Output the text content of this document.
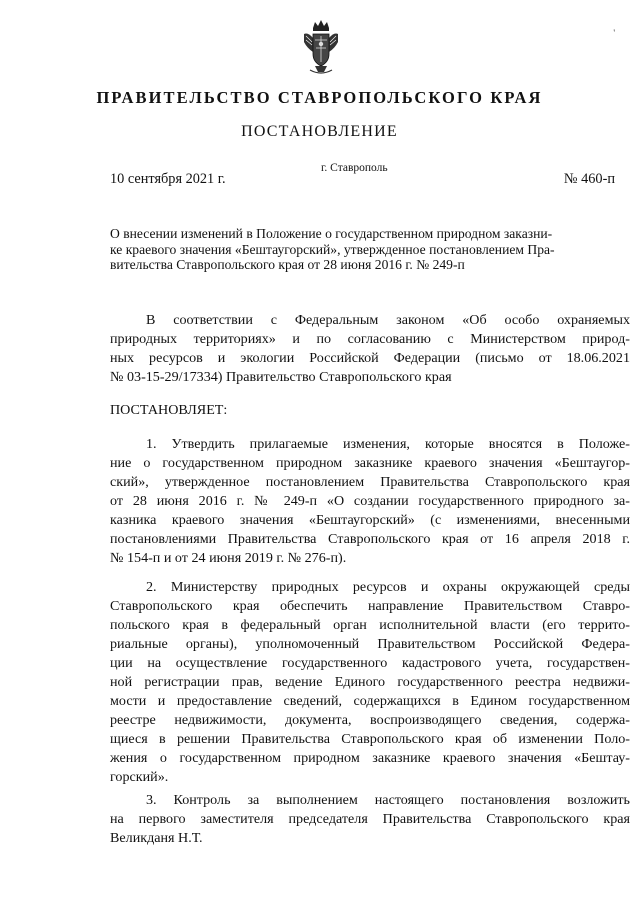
'
ПРАВИТЕЛЬСТВО СТАВРОПОЛЬСКОГО КРАЯ
ПОСТАНОВЛЕНИЕ
10 сентября 2021 г.
г. Ставрополь
№ 460-п
О внесении изменений в Положение о государственном природном заказни-
ке краевого значения «Бештаугорский», утвержденное постановлением Пра-
вительства Ставропольского края от 28 июня 2016 г. № 249-п
В соответствии с Федеральным законом «Об особо охраняемых
природных территориях» и по согласованию с Министерством природ-
ных ресурсов и экологии Российской Федерации (письмо от 18.06.2021
№ 03-15-29/17334) Правительство Ставропольского края
ПОСТАНОВЛЯЕТ:
1. Утвердить прилагаемые изменения, которые вносятся в Положе-
ние о государственном природном заказнике краевого значения «Бештаугор-
ский», утвержденное постановлением Правительства Ставропольского края
от 28 июня 2016 г. № 249-п «О создании государственного природного за-
казника краевого значения «Бештаугорский» (с изменениями, внесенными
постановлениями Правительства Ставропольского края от 16 апреля 2018 г.
№ 154-п и от 24 июня 2019 г. № 276-п).
2. Министерству природных ресурсов и охраны окружающей среды
Ставропольского края обеспечить направление Правительством Ставро-
польского края в федеральный орган исполнительной власти (его террито-
риальные органы), уполномоченный Правительством Российской Федера-
ции на осуществление государственного кадастрового учета, государствен-
ной регистрации прав, ведение Единого государственного реестра недвижи-
мости и предоставление сведений, содержащихся в Едином государственном
реестре недвижимости, документа, воспроизводящего сведения, содержа-
щиеся в решении Правительства Ставропольского края об изменении Поло-
жения о государственном природном заказнике краевого значения «Бештау-
горский».
3. Контроль за выполнением настоящего постановления возложить
на первого заместителя председателя Правительства Ставропольского края
Великданя Н.Т.
